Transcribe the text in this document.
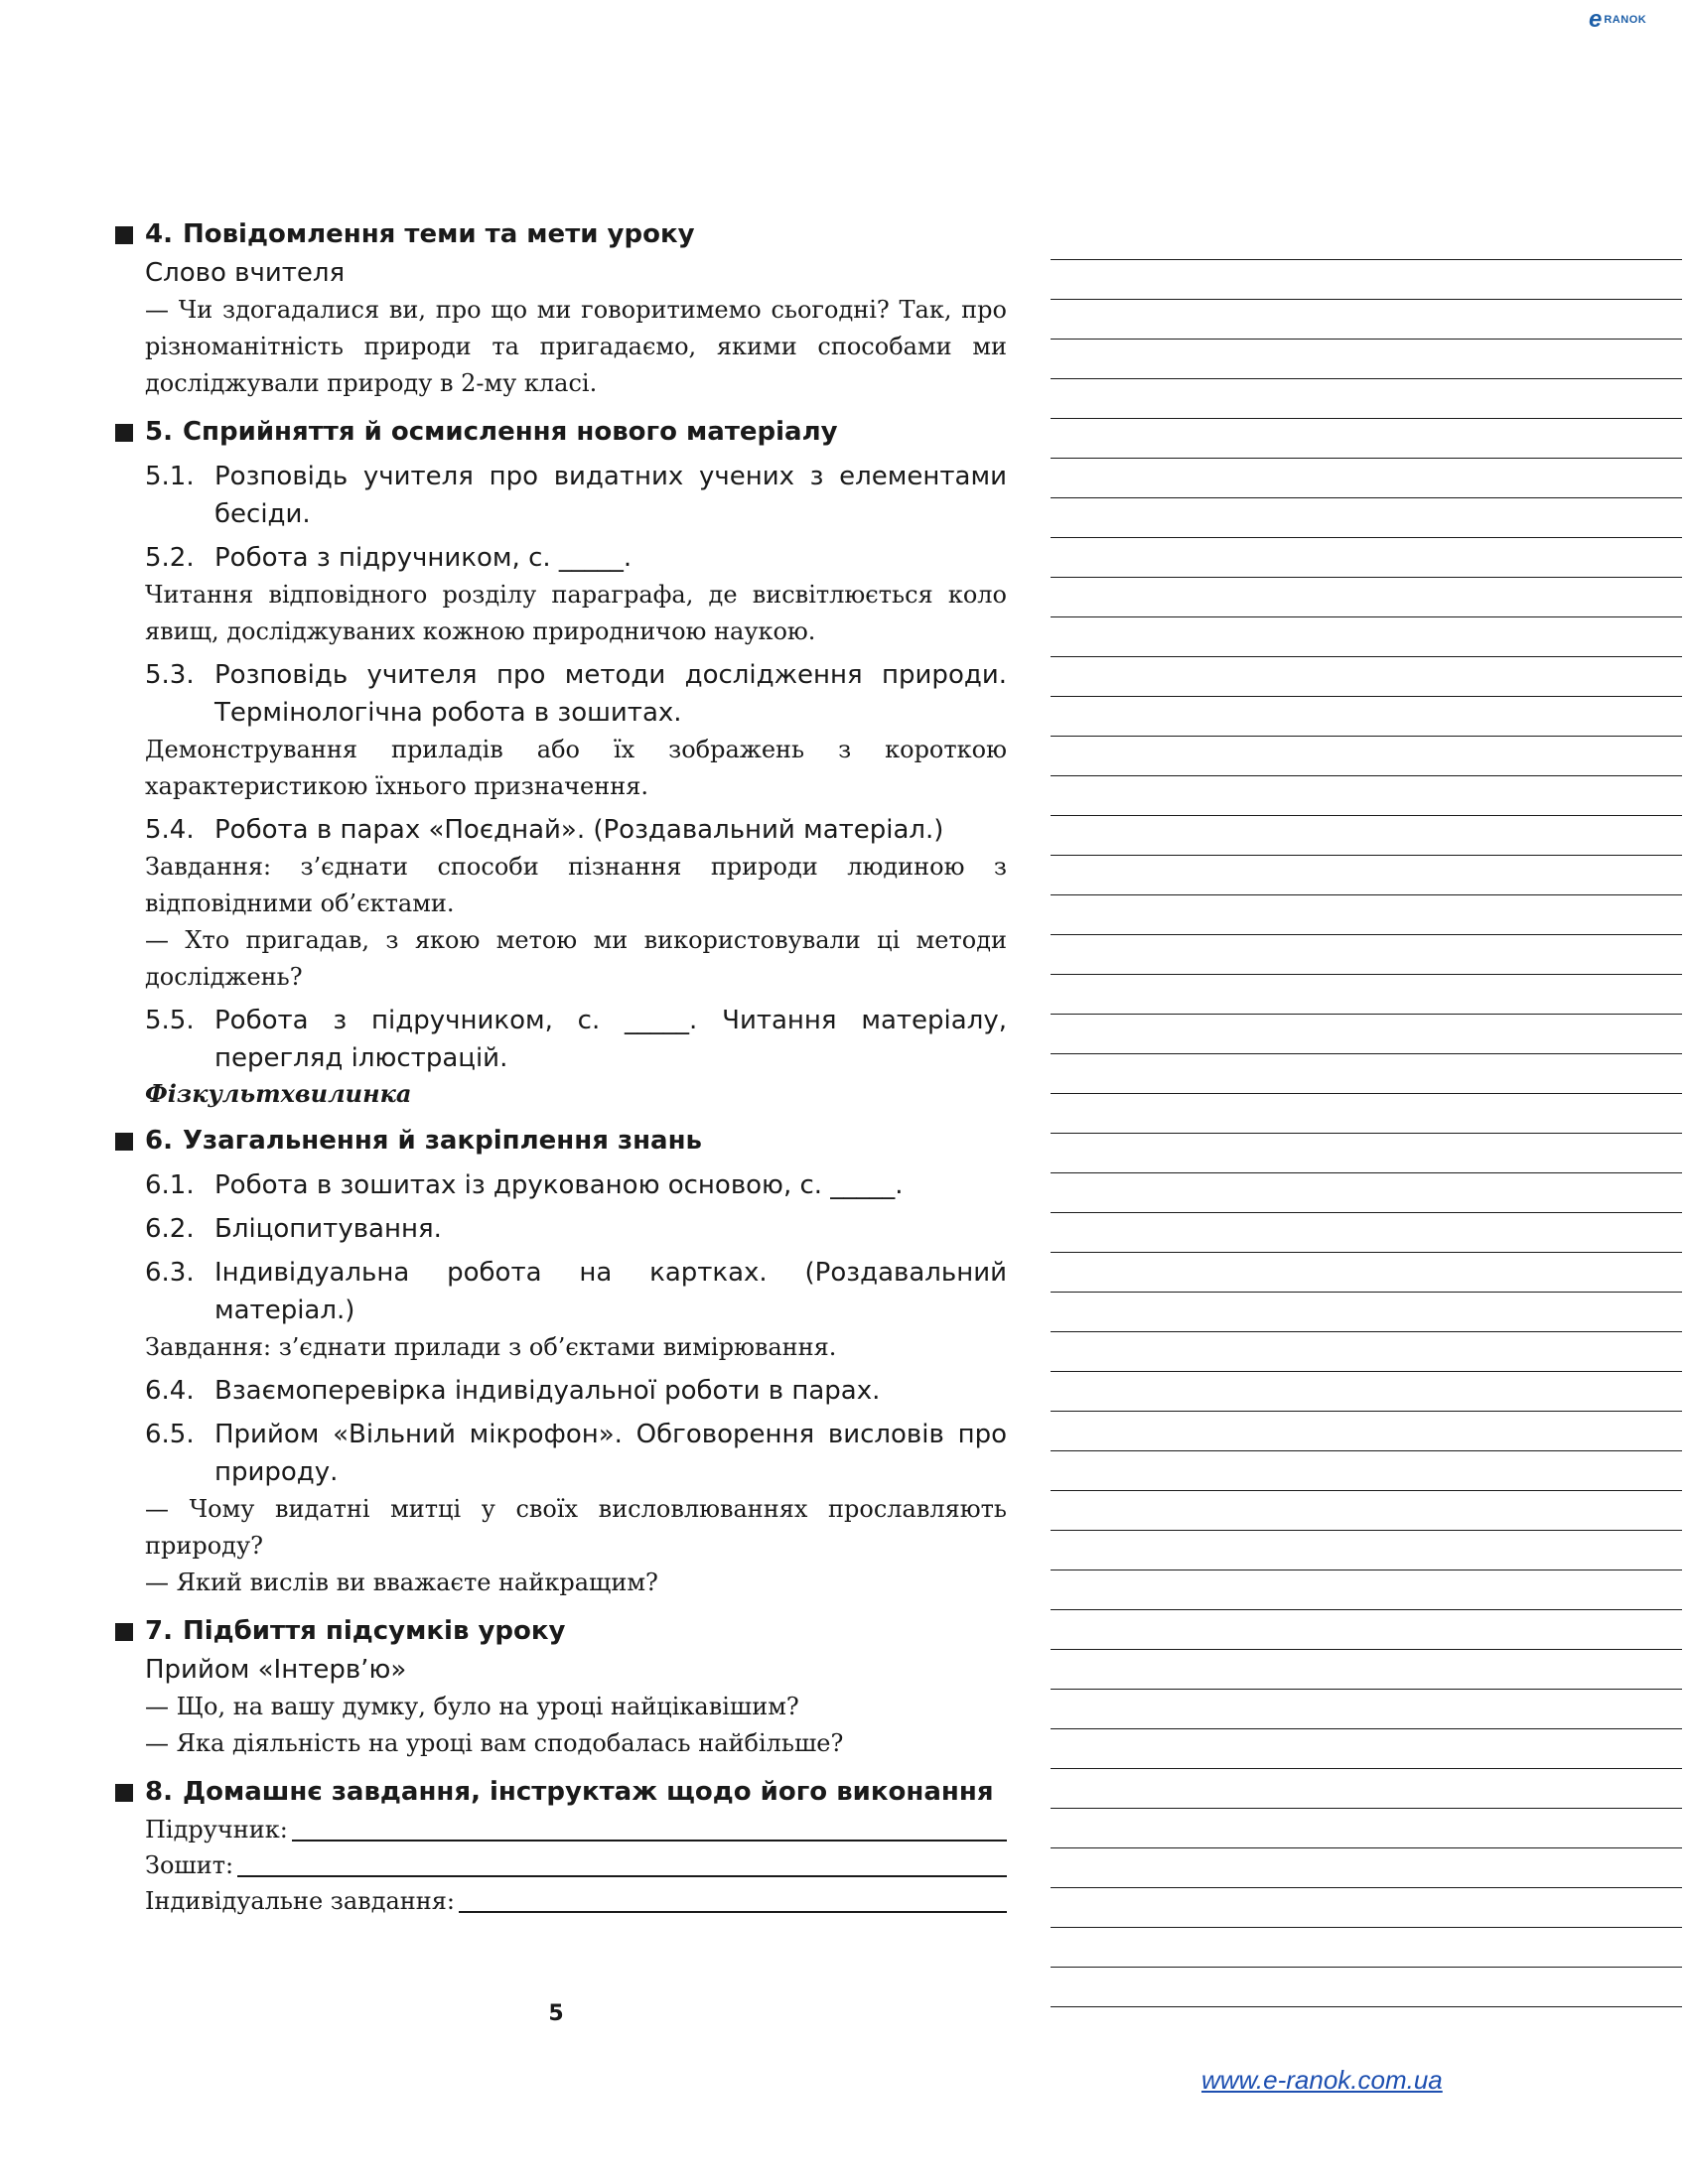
e RANOK
4. Повідомлення теми та мети уроку
Слово вчителя
— Чи здогадалися ви, про що ми говоритимемо сьогодні? Так, про різноманітність природи та пригадаємо, якими способами ми досліджували природу в 2-му класі.
5. Сприйняття й осмислення нового матеріалу
5.1. Розповідь учителя про видатних учених з елементами бесіди.
5.2. Робота з підручником, с. _____.
Читання відповідного розділу параграфа, де висвітлюється коло явищ, досліджуваних кожною природничою наукою.
5.3. Розповідь учителя про методи дослідження природи. Термінологічна робота в зошитах.
Демонстрування приладів або їх зображень з короткою характеристикою їхнього призначення.
5.4. Робота в парах «Поєднай». (Роздавальний матеріал.)
Завдання: з’єднати способи пізнання природи людиною з відповідними об’єктами.
— Хто пригадав, з якою метою ми використовували ці методи досліджень?
5.5. Робота з підручником, с. _____. Читання матеріалу, перегляд ілюстрацій.
Фізкультхвилинка
6. Узагальнення й закріплення знань
6.1. Робота в зошитах із друкованою основою, с. _____.
6.2. Бліцопитування.
6.3. Індивідуальна робота на картках. (Роздавальний матеріал.)
Завдання: з’єднати прилади з об’єктами вимірювання.
6.4. Взаємоперевірка індивідуальної роботи в парах.
6.5. Прийом «Вільний мікрофон». Обговорення висловів про природу.
— Чому видатні митці у своїх висловлюваннях прославляють природу?
— Який вислів ви вважаєте найкращим?
7. Підбиття підсумків уроку
Прийом «Інтерв’ю»
— Що, на вашу думку, було на уроці найцікавішим?
— Яка діяльність на уроці вам сподобалась найбільше?
8. Домашнє завдання, інструктаж щодо його виконання
Підручник:
Зошит:
Індивідуальне завдання:
5
www.e-ranok.com.ua
